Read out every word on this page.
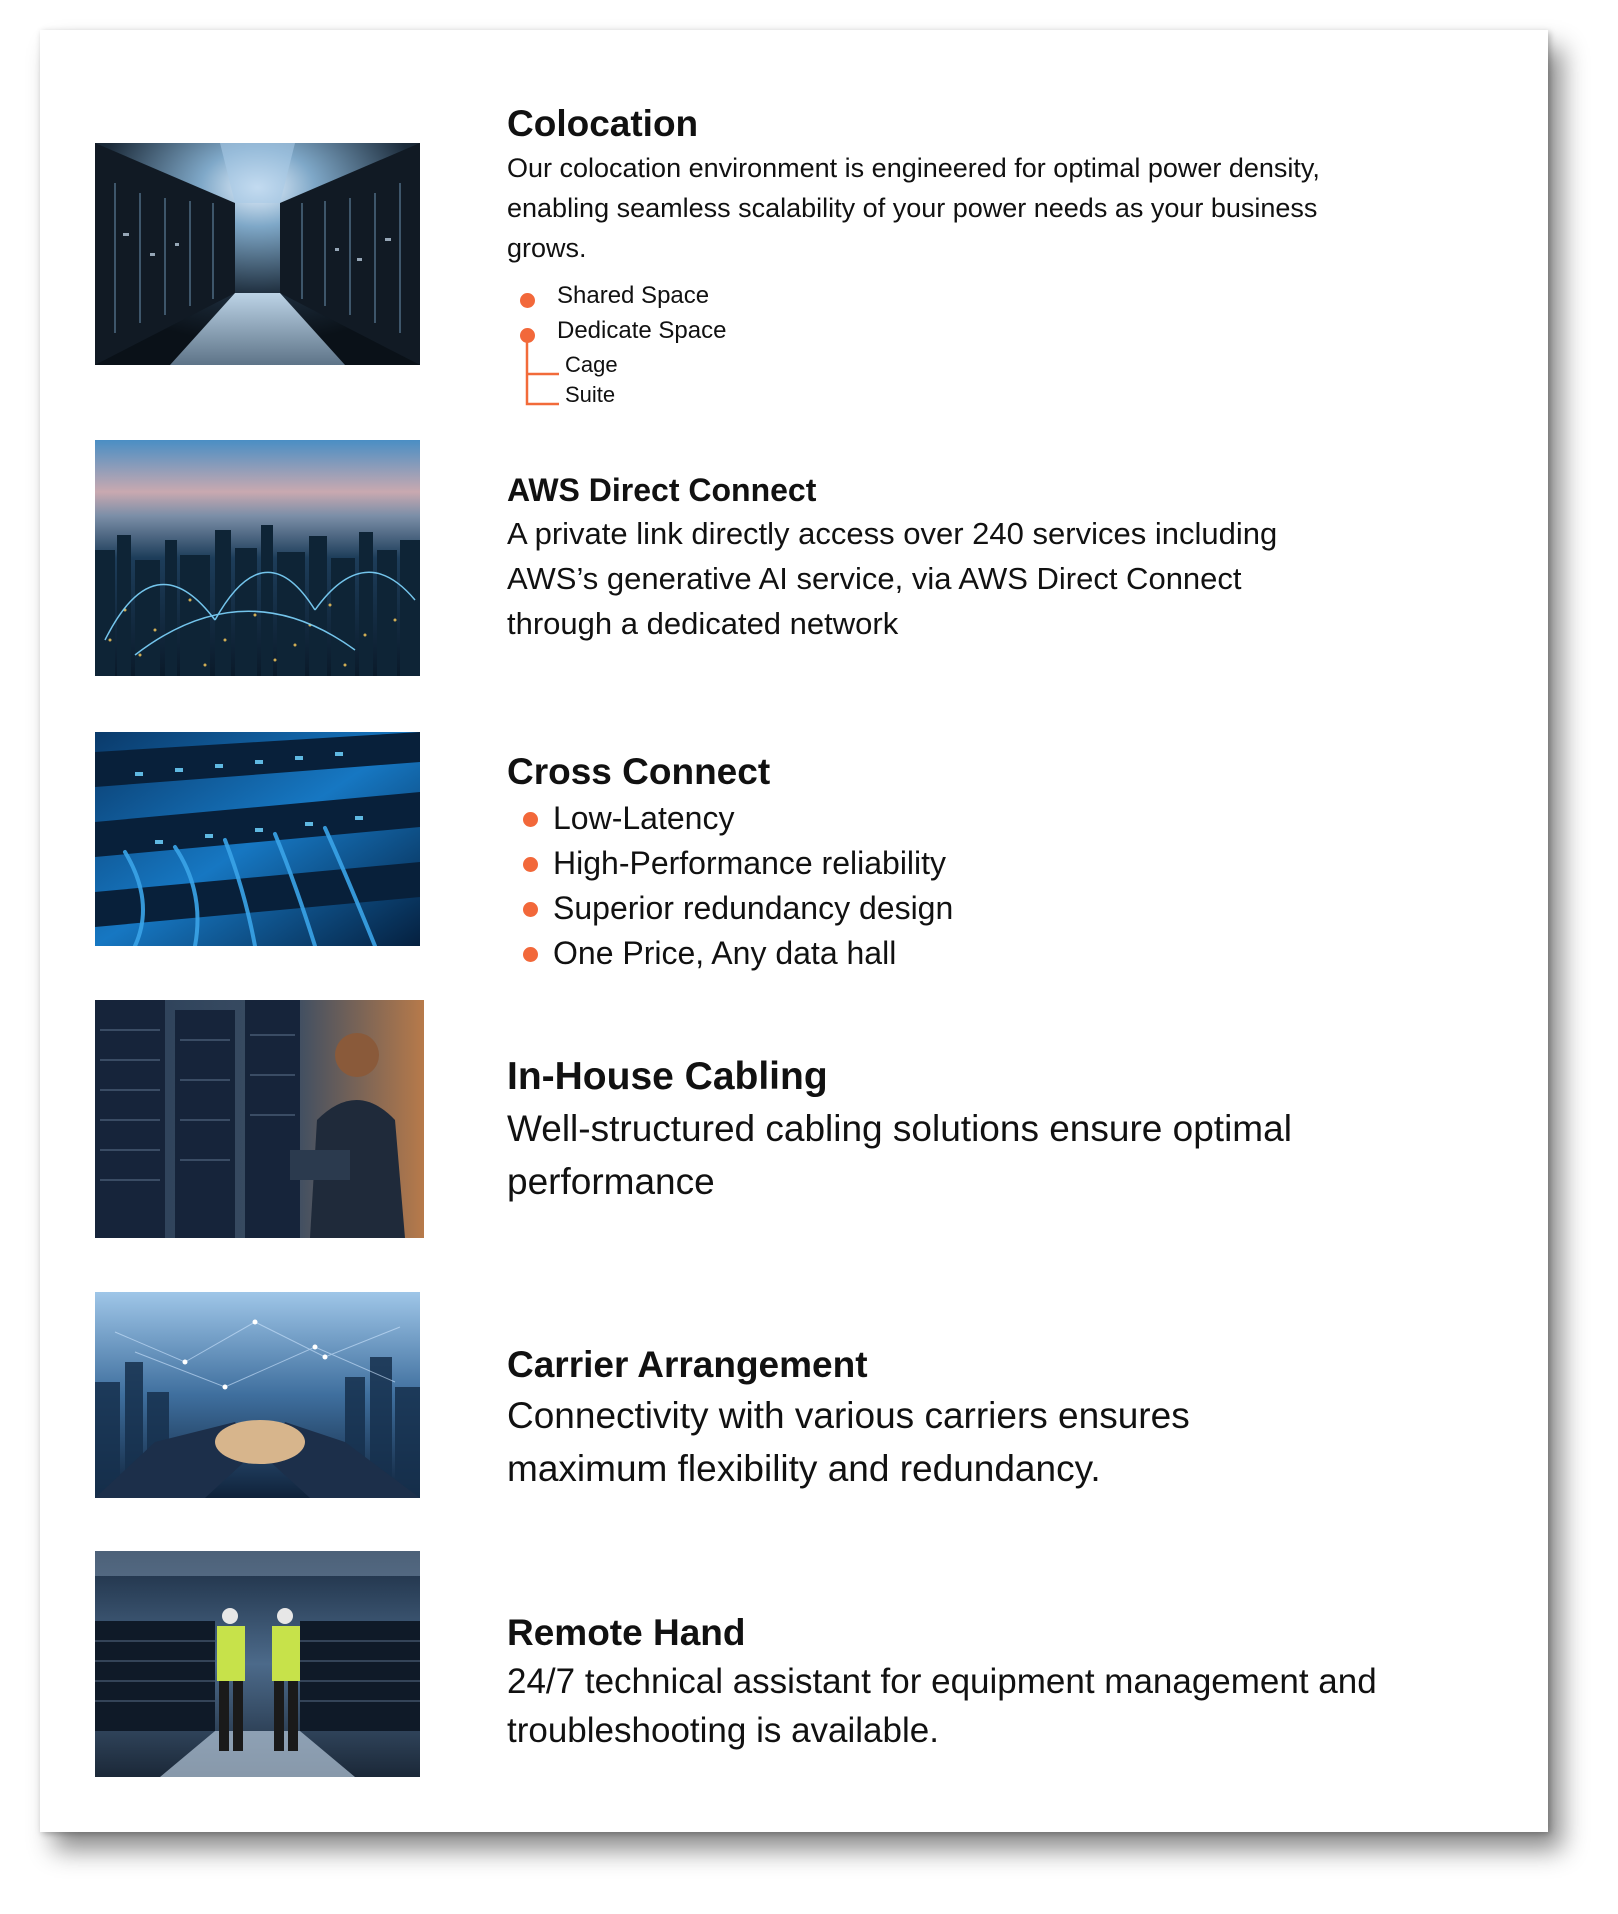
Colocation

Our colocation environment is engineered for optimal power density, enabling seamless scalability of your power needs as your business grows.

Shared Space
Dedicate Space
Cage
Suite
AWS Direct Connect

A private link directly access over 240 services including AWS’s generative AI service, via AWS Direct Connect through a dedicated network

Cross Connect
Low-Latency
High-Performance reliability
Superior redundancy design
One Price, Any data hall
In-House Cabling

Well-structured cabling solutions ensure optimal performance

Carrier Arrangement

Connectivity with various carriers ensures maximum flexibility and redundancy.

Remote Hand

24/7 technical assistant for equipment management and troubleshooting is available.
